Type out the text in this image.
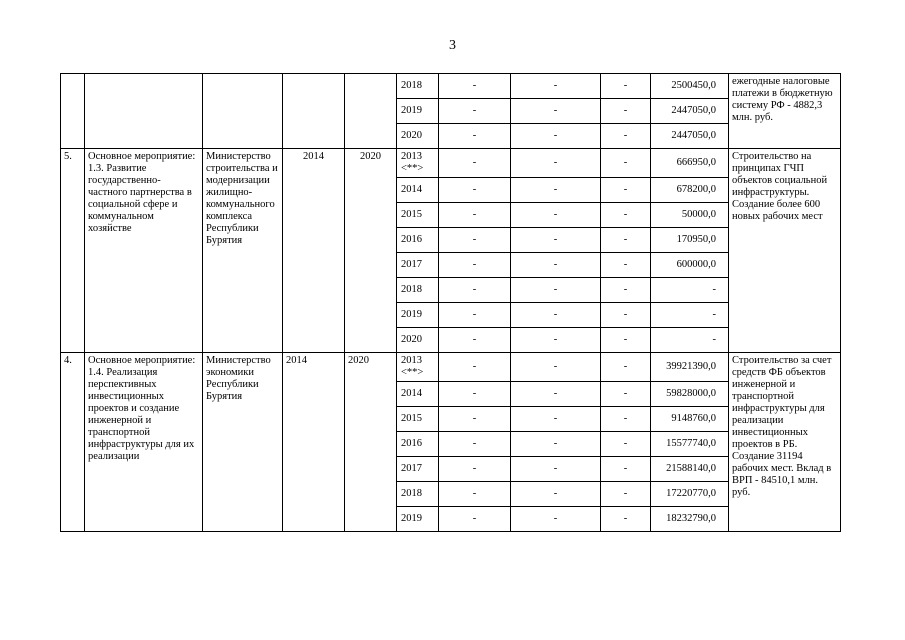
3
					2018	-	-	-	2500450,0	ежегодные налоговые платежи в бюджетную систему РФ - 4882,3 млн. руб.
					2019	-	-	-	2447050,0	
					2020	-	-	-	2447050,0	
5.	Основное мероприятие: 1.3. Развитие государственно-частного партнерства в социальной сфере и коммунальном хозяйстве	Министерство строительства и модернизации жилищно-коммунального комплекса Республики Бурятия	2014	2020	2013 <**>	-	-	-	666950,0	Строительство на принципах ГЧП объектов социальной инфраструктуры. Создание более 600 новых рабочих мест
					2014	-	-	-	678200,0	
					2015	-	-	-	50000,0	
					2016	-	-	-	170950,0	
					2017	-	-	-	600000,0	
					2018	-	-	-	-	
					2019	-	-	-	-	
					2020	-	-	-	-	
4.	Основное мероприятие: 1.4. Реализация перспективных инвестиционных проектов и создание инженерной и транспортной инфраструктуры для их реализации	Министерство экономики Республики Бурятия	2014	2020	2013 <**>	-	-	-	39921390,0	Строительство за счет средств ФБ объектов инженерной и транспортной инфраструктуры для реализации инвестиционных проектов в РБ. Создание 31194 рабочих мест. Вклад в ВРП - 84510,1 млн. руб.
					2014	-	-	-	59828000,0	
					2015	-	-	-	9148760,0	
					2016	-	-	-	15577740,0	
					2017	-	-	-	21588140,0	
					2018	-	-	-	17220770,0	
					2019	-	-	-	18232790,0	
